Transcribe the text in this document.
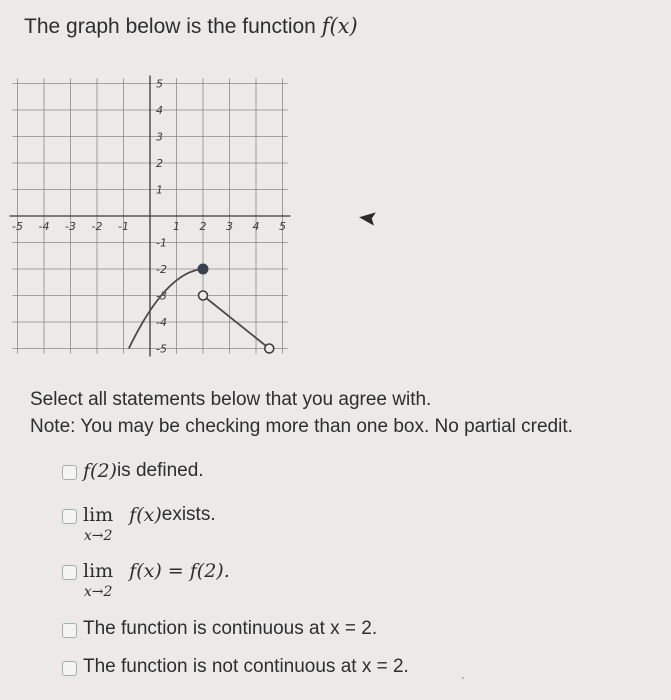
The graph below is the function f(x)
-5 -4 -3 -2 -1	1 2 3 4 5
5
4
3
2
1
-1
-2
-3
-4
-5
Select all statements below that you agree with.
Note: You may be checking more than one box. No partial credit.
f(2) is defined.
lim
x→2
f(x) exists.
lim
x→2
f(x) = f(2).
The function is continuous at x = 2.
The function is not continuous at x = 2.
